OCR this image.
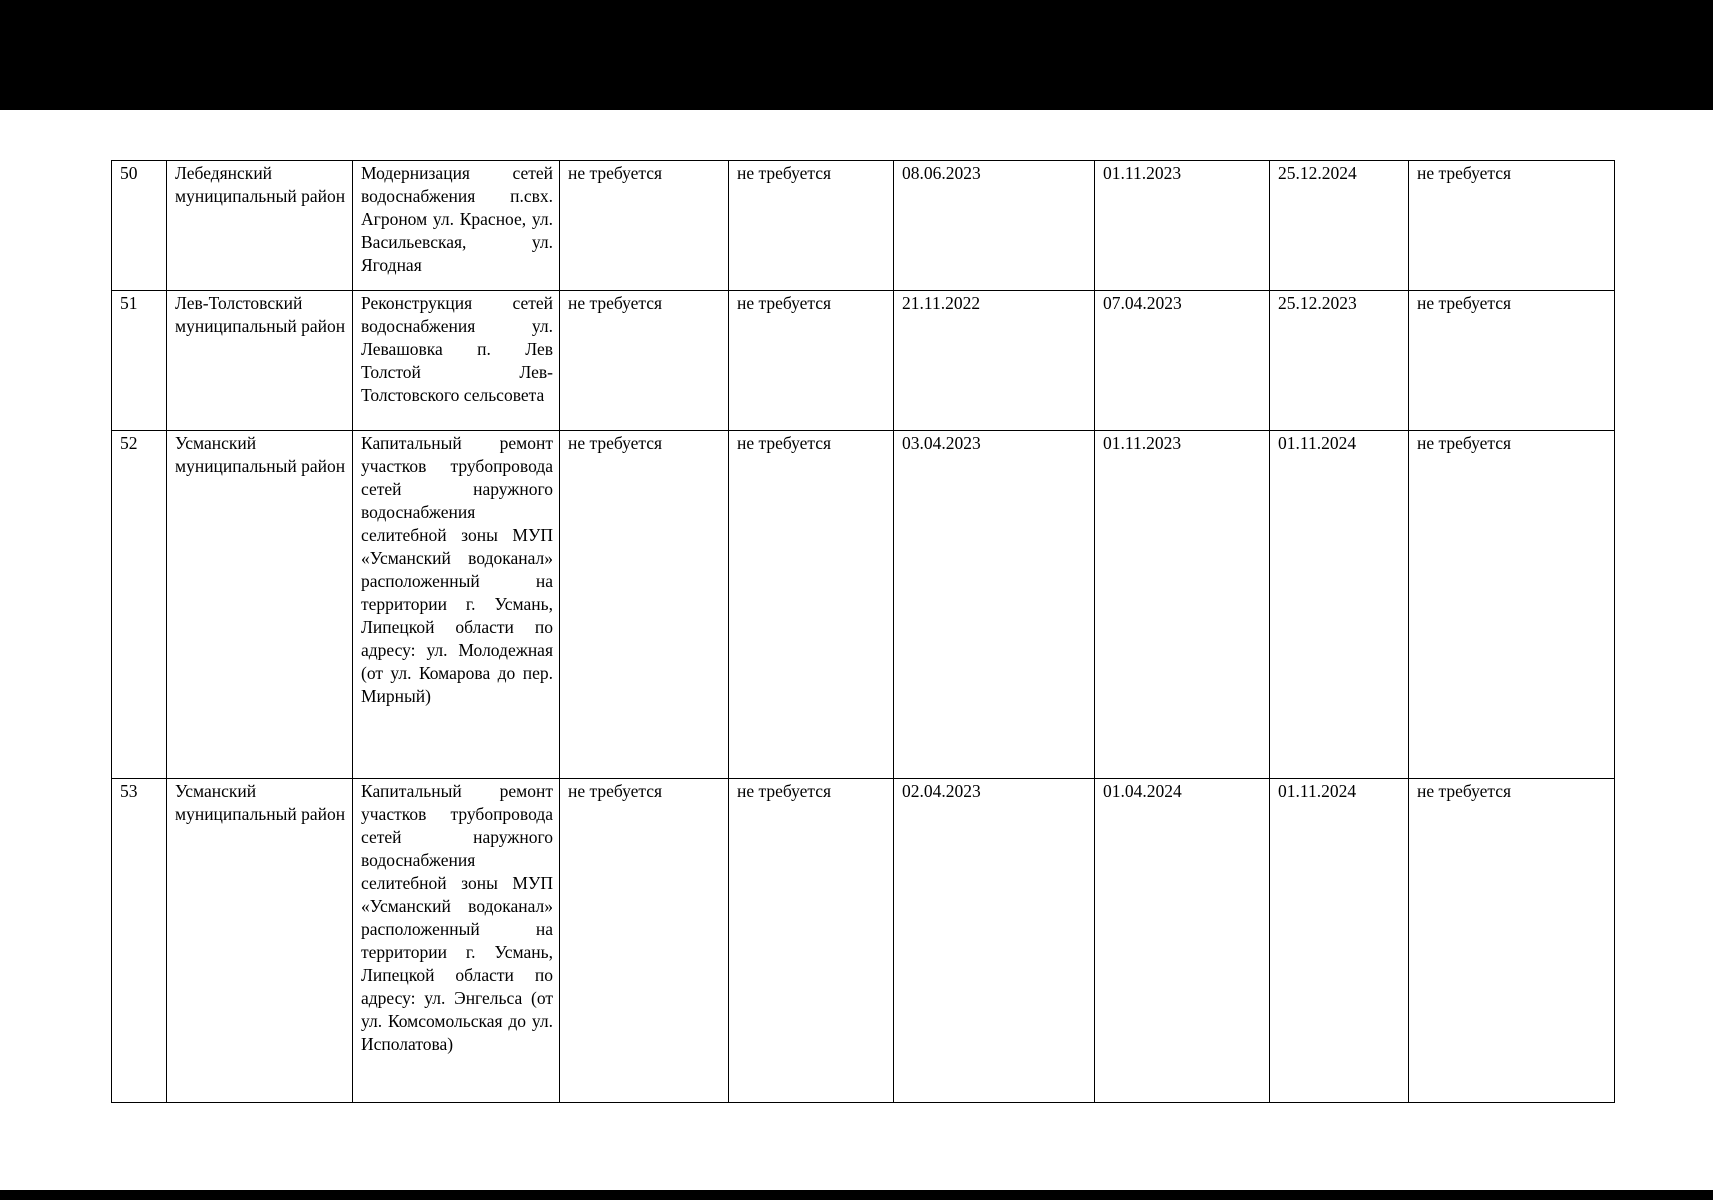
50	Лебедянский муниципальный район	Модернизация сетей водоснабжения п.свх. Агроном ул. Красное, ул. Васильевская, ул. Ягодная	не требуется	не требуется	08.06.2023	01.11.2023	25.12.2024	не требуется
51	Лев-Толстовский муниципальный район	Реконструкция сетей водоснабжения ул. Левашовка п. Лев Толстой Лев-Толстовского сельсовета	не требуется	не требуется	21.11.2022	07.04.2023	25.12.2023	не требуется
52	Усманский муниципальный район	Капитальный ремонт участков трубопровода сетей наружного водоснабжения селитебной зоны МУП «Усманский водоканал» расположенный на территории г. Усмань, Липецкой области по адресу: ул. Молодежная (от ул. Комарова до пер. Мирный)	не требуется	не требуется	03.04.2023	01.11.2023	01.11.2024	не требуется
53	Усманский муниципальный район	Капитальный ремонт участков трубопровода сетей наружного водоснабжения селитебной зоны МУП «Усманский водоканал» расположенный на территории г. Усмань, Липецкой области по адресу: ул. Энгельса (от ул. Комсомольская до ул. Исполатова)	не требуется	не требуется	02.04.2023	01.04.2024	01.11.2024	не требуется
